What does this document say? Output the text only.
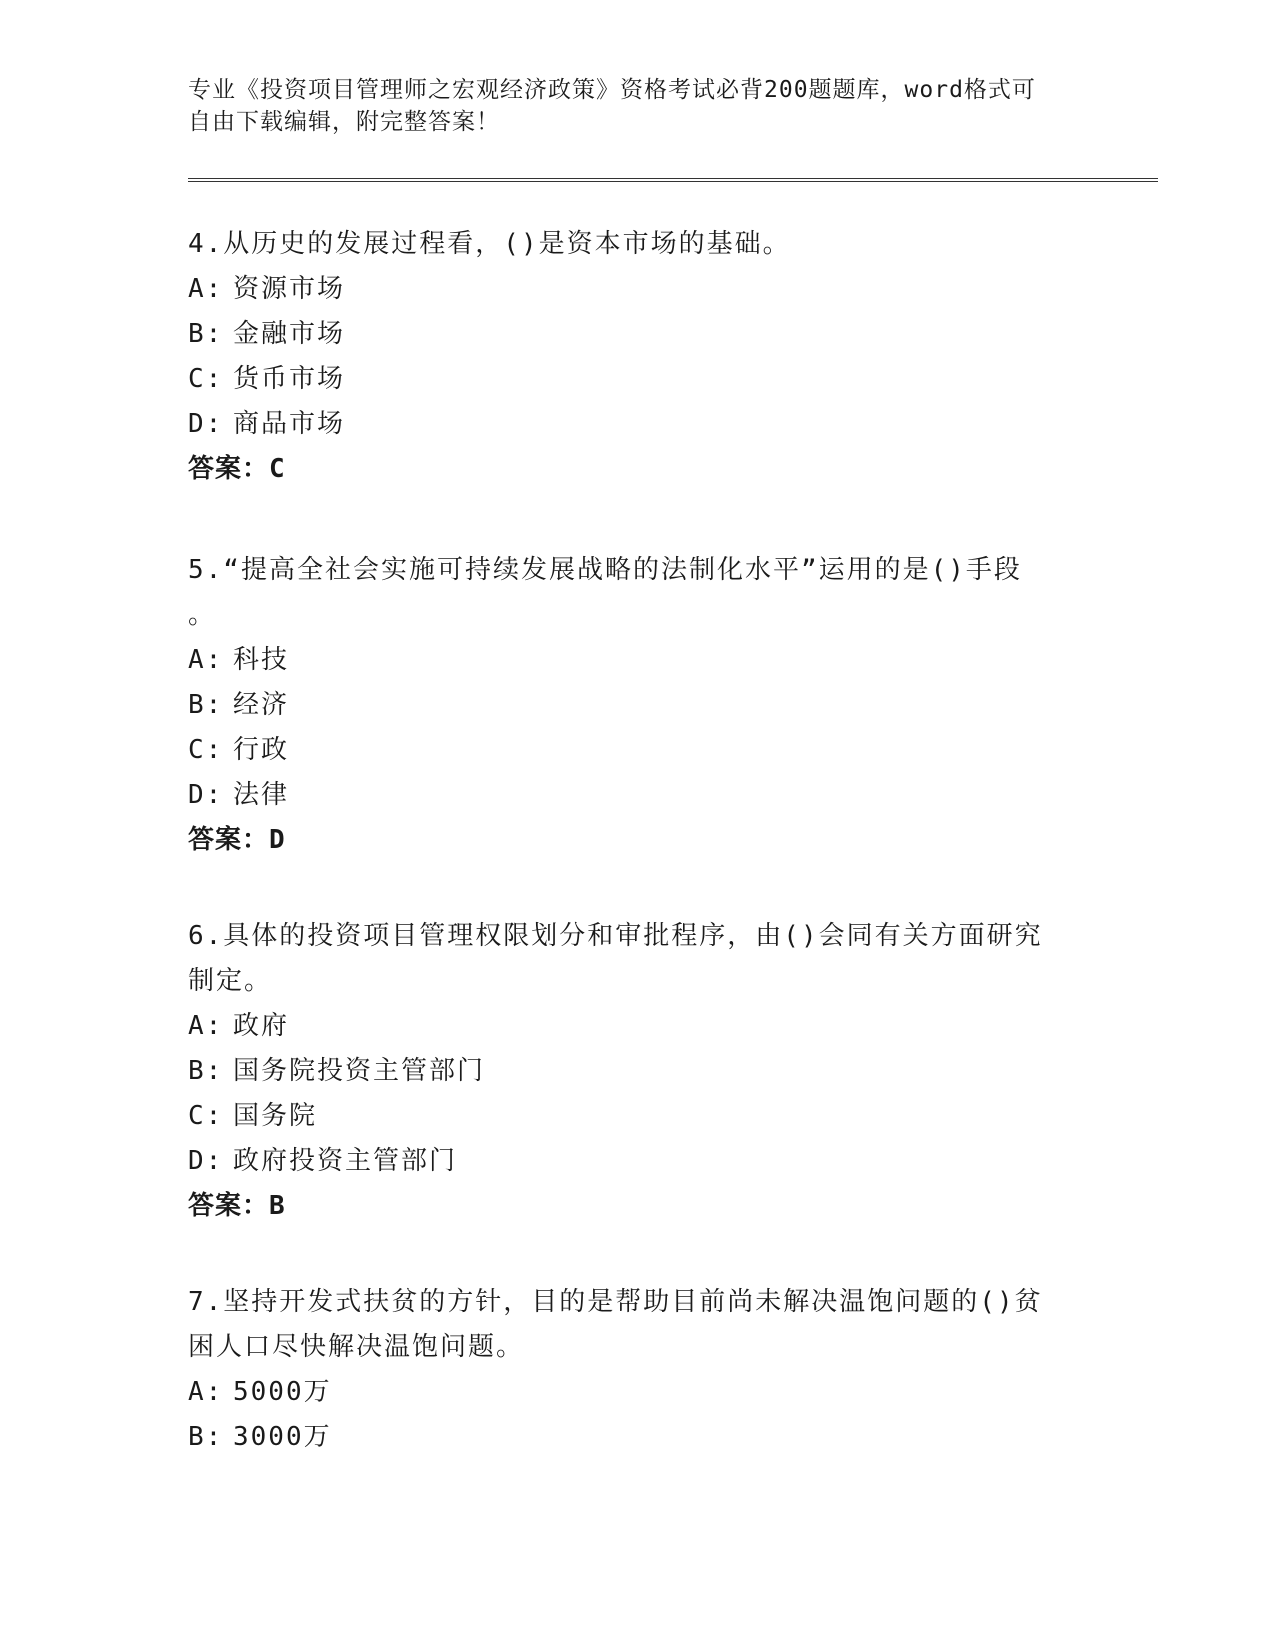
专业《投资项目管理师之宏观经济政策》资格考试必背200题题库，word格式可
自由下载编辑，附完整答案！
4.从历史的发展过程看，()是资本市场的基础。
A: 资源市场
B: 金融市场
C: 货币市场
D: 商品市场
答案：C
5.“提高全社会实施可持续发展战略的法制化水平”运用的是()手段
。
A: 科技
B: 经济
C: 行政
D: 法律
答案：D
6.具体的投资项目管理权限划分和审批程序，由()会同有关方面研究
制定。
A: 政府
B: 国务院投资主管部门
C: 国务院
D: 政府投资主管部门
答案：B
7.坚持开发式扶贫的方针，目的是帮助目前尚未解决温饱问题的()贫
困人口尽快解决温饱问题。
A: 5000万
B: 3000万
